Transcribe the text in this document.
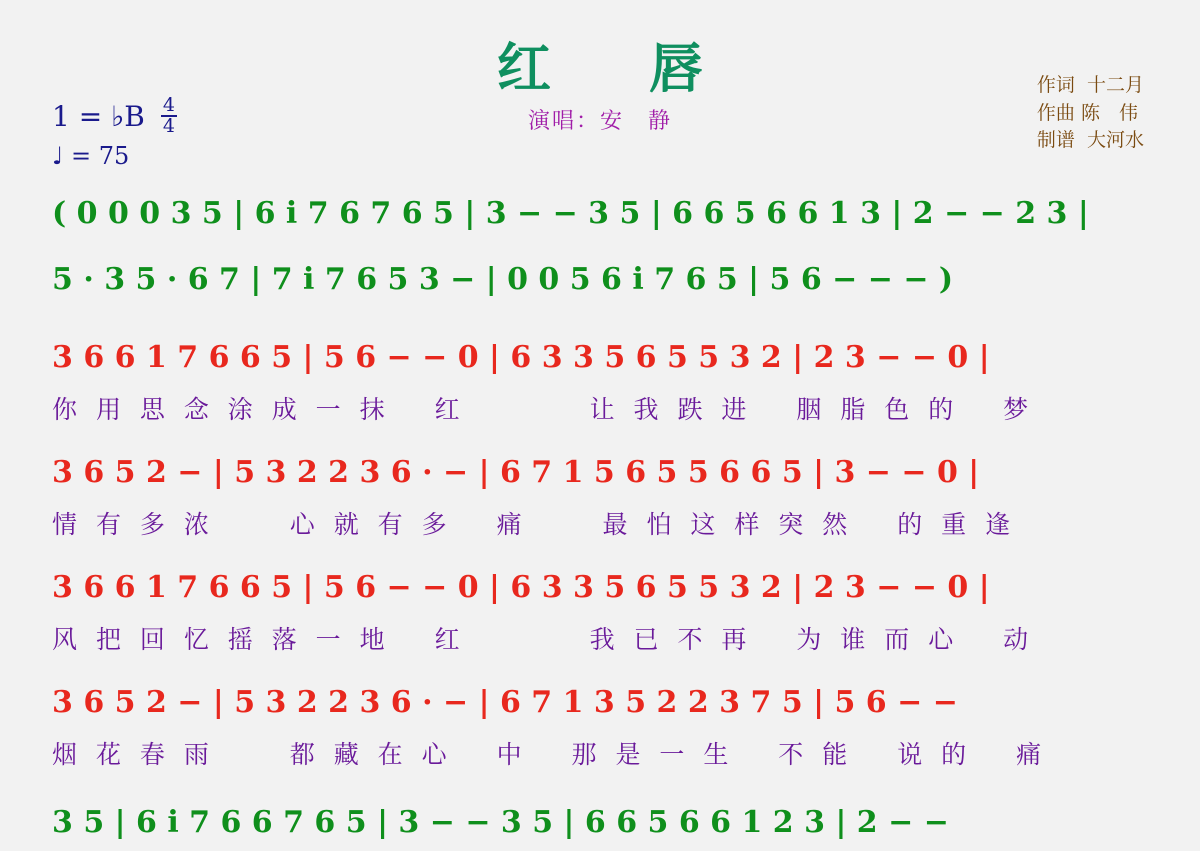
红　唇
演唱：安　静
作词  十二月
作曲 陈　伟
制谱  大河水
1 = ♭B $\frac{4}{4}$
♩ = 75
( 0 0 0 3 5 | 6 i 7 6 7 6 5 | 3 − − 3 5 | 6 6 5 6 6 1 3 | 2 − − 2 3 |
5 · 3 5 · 6 7 | 7 i 7 6 5 3 − | 0 0 5 6 i 7 6 5 | 5 6 − − − )
3 6 6 1 7 6 6 5 | 5 6 − − 0 | 6 3 3 5 6 5 5 3 2 | 2 3 − − 0 |
你 用 思 念 涂 成 一 抹 　红　　　　让 我 跌 进 　胭 脂 色 的 　梦
3 6 5 2 − | 5 3 2 2 3 6 · − | 6 7 1 5 6 5 5 6 6 5 | 3 − − 0 |
情 有 多 浓 　　心 就 有 多 　痛 　　最 怕 这 样 突 然 　的 重 逢
3 6 6 1 7 6 6 5 | 5 6 − − 0 | 6 3 3 5 6 5 5 3 2 | 2 3 − − 0 |
风 把 回 忆 摇 落 一 地 　红　　　　我 已 不 再 　为 谁 而 心 　动
3 6 5 2 − | 5 3 2 2 3 6 · − | 6 7 1 3 5 2 2 3 7 5 | 5 6 − −
烟 花 春 雨 　　都 藏 在 心 　中 　那 是 一 生 　不 能 　说 的 　痛
3 5 | 6 i 7 6 6 7 6 5 | 3 − − 3 5 | 6 6 5 6 6 1 2 3 | 2 − −
